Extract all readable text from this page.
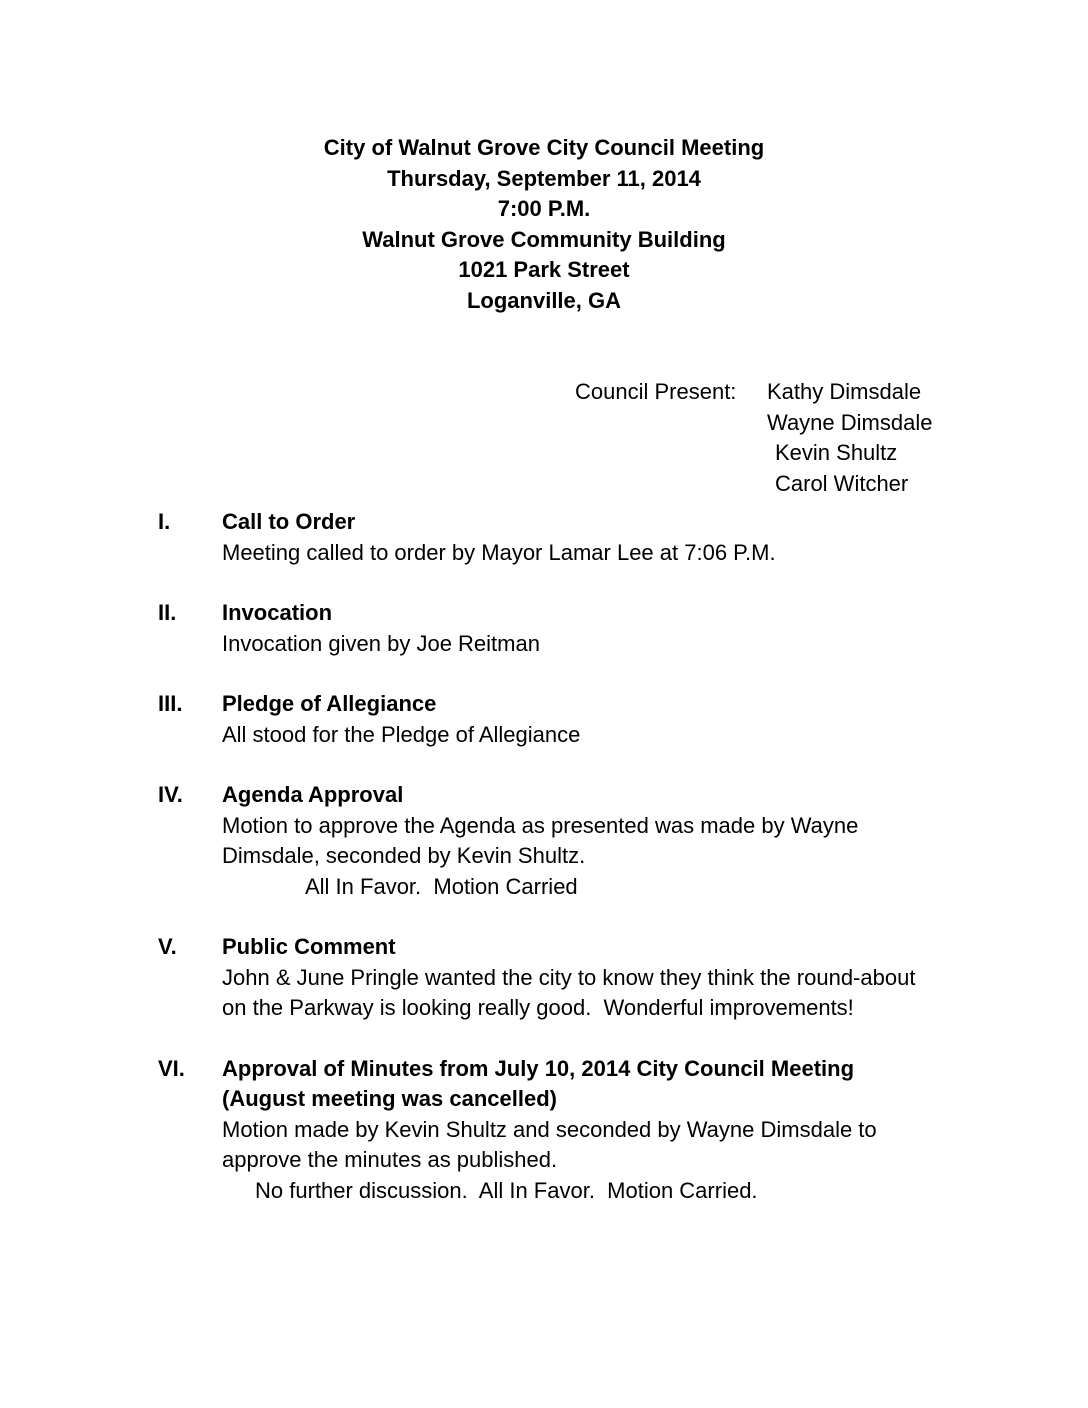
City of Walnut Grove City Council Meeting
Thursday, September 11, 2014
7:00 P.M.
Walnut Grove Community Building
1021 Park Street
Loganville, GA
Council Present:	Kathy Dimsdale
Wayne Dimsdale
Kevin Shultz
Carol Witcher
I.	Call to Order
Meeting called to order by Mayor Lamar Lee at 7:06 P.M.
II.	Invocation
Invocation given by Joe Reitman
III.	Pledge of Allegiance
All stood for the Pledge of Allegiance
IV.	Agenda Approval
Motion to approve the Agenda as presented was made by Wayne
Dimsdale, seconded by Kevin Shultz.
All In Favor.  Motion Carried
V.	Public Comment
John & June Pringle wanted the city to know they think the round-about
on the Parkway is looking really good.  Wonderful improvements!
VI.	Approval of Minutes from July 10, 2014 City Council Meeting
(August meeting was cancelled)
Motion made by Kevin Shultz and seconded by Wayne Dimsdale to
approve the minutes as published.
No further discussion.  All In Favor.  Motion Carried.
